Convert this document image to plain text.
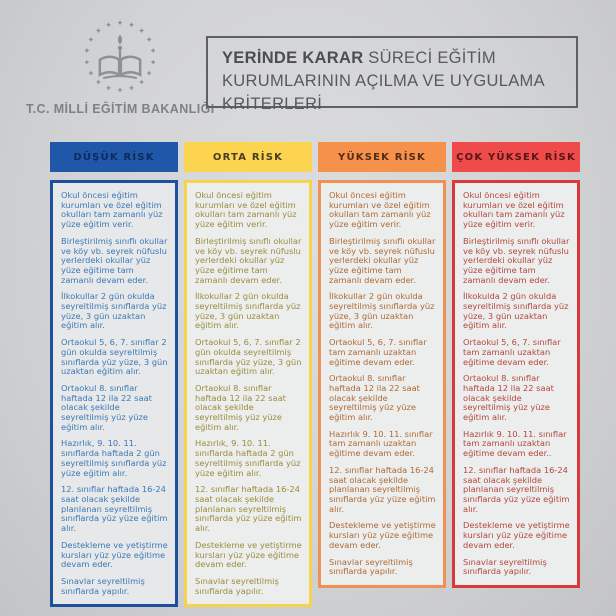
T.C. MİLLİ EĞİTİM BAKANLIĞI
YERİNDE KARAR SÜRECİ EĞİTİM KURUMLARININ AÇILMA VE UYGULAMA KRİTERLERİ
DÜŞÜK RİSK

Okul öncesi eğitim kurumları ve özel eğitim okulları tam zamanlı yüz yüze eğitim verir.

Birleştirilmiş sınıflı okullar ve köy vb. seyrek nüfuslu yerlerdeki okullar yüz yüze eğitime tam zamanlı devam eder.

İlkokullar 2 gün okulda seyreltilmiş sınıflarda yüz yüze, 3 gün uzaktan eğitim alır.

Ortaokul 5, 6, 7. sınıflar 2 gün okulda seyreltilmiş sınıflarda yüz yüze, 3 gün uzaktan eğitim alır.

Ortaokul 8. sınıflar haftada 12 ila 22 saat olacak şekilde seyreltilmiş yüz yüze eğitim alır.

Hazırlık, 9. 10. 11. sınıflarda haftada 2 gün seyreltilmiş sınıflarda yüz yüze eğitim alır.

12. sınıflar haftada 16-24 saat olacak şekilde planlanan seyreltilmiş sınıflarda yüz yüze eğitim alır.

Destekleme ve yetiştirme kursları yüz yüze eğitime devam eder.

Sınavlar seyreltilmiş sınıflarda yapılır.

ORTA RİSK

Okul öncesi eğitim kurumları ve özel eğitim okulları tam zamanlı yüz yüze eğitim verir.

Birleştirilmiş sınıflı okullar ve köy vb. seyrek nüfuslu yerlerdeki okullar yüz yüze eğitime tam zamanlı devam eder.

İlkokullar 2 gün okulda seyreltilmiş sınıflarda yüz yüze, 3 gün uzaktan eğitim alır.

Ortaokul 5, 6, 7. sınıflar 2 gün okulda seyreltilmiş sınıflarda yüz yüze, 3 gün uzaktan eğitim alır.

Ortaokul 8. sınıflar haftada 12 ila 22 saat olacak şekilde seyreltilmiş yüz yüze eğitim alır.

Hazırlık, 9. 10. 11. sınıflarda haftada 2 gün seyreltilmiş sınıflarda yüz yüze eğitim alır.

12. sınıflar haftada 16-24 saat olacak şekilde planlanan seyreltilmiş sınıflarda yüz yüze eğitim alır.

Destekleme ve yetiştirme kursları yüz yüze eğitime devam eder.

Sınavlar seyreltilmiş sınıflarda yapılır.

YÜKSEK RİSK

Okul öncesi eğitim kurumları ve özel eğitim okulları tam zamanlı yüz yüze eğitim verir.

Birleştirilmiş sınıflı okullar ve köy vb. seyrek nüfuslu yerlerdeki okullar yüz yüze eğitime tam zamanlı devam eder.

İlkokullar 2 gün okulda seyreltilmiş sınıflarda yüz yüze, 3 gün uzaktan eğitim alır.

Ortaokul 5, 6, 7. sınıflar tam zamanlı uzaktan eğitime devam eder.

Ortaokul 8. sınıflar haftada 12 ila 22 saat olacak şekilde seyreltilmiş yüz yüze eğitim alır.

Hazırlık 9. 10. 11. sınıflar tam zamanlı uzaktan eğitime devam eder.

12. sınıflar haftada 16-24 saat olacak şekilde planlanan seyreltilmiş sınıflarda yüz yüze eğitim alır.

Destekleme ve yetiştirme kursları yüz yüze eğitime devam eder.

Sınavlar seyreltilmiş sınıflarda yapılır.

ÇOK YÜKSEK RİSK

Okul öncesi eğitim kurumları ve özel eğitim okulları tam zamanlı yüz yüze eğitim verir.

Birleştirilmiş sınıflı okullar ve köy vb. seyrek nüfuslu yerlerdeki okullar yüz yüze eğitime tam zamanlı devam eder.

İlkokulda 2 gün okulda seyreltilmiş sınıflarda yüz yüze, 3 gün uzaktan eğitim alır.

Ortaokul 5, 6, 7. sınıflar tam zamanlı uzaktan eğitime devam eder.

Ortaokul 8. sınıflar haftada 12 ila 22 saat olacak şekilde seyreltilmiş yüz yüze eğitim alır.

Hazırlık 9. 10. 11. sınıflar tam zamanlı uzaktan eğitime devam eder..

12. sınıflar haftada 16-24 saat olacak şekilde planlanan seyreltilmiş sınıflarda yüz yüze eğitim alır.

Destekleme ve yetiştirme kursları yüz yüze eğitime devam eder.

Sınavlar seyreltilmiş sınıflarda yapılır.
